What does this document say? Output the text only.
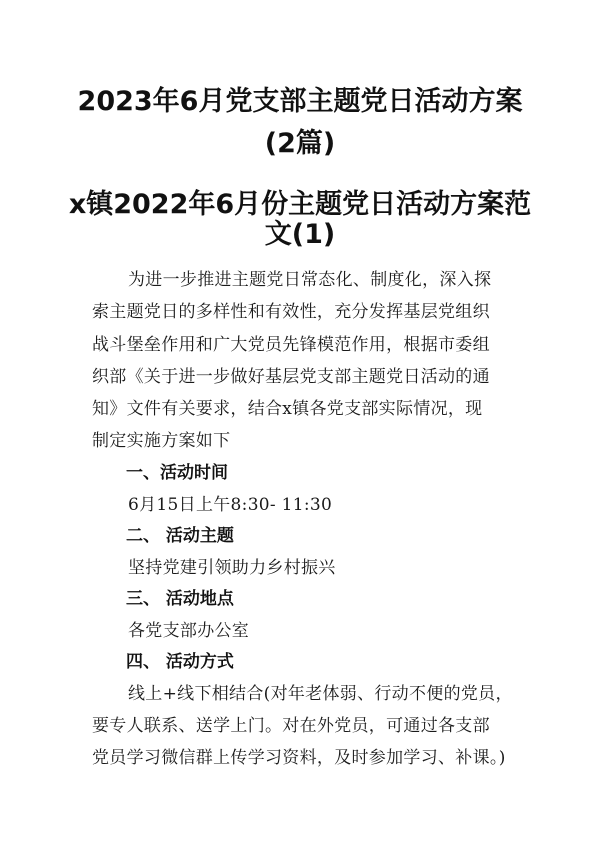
2023年6月党支部主题党日活动方案
(2篇)
x镇2022年6月份主题党日活动方案范
文(1)
为进一步推进主题党日常态化、制度化，深入探
索主题党日的多样性和有效性，充分发挥基层党组织
战斗堡垒作用和广大党员先锋模范作用，根据市委组
织部《关于进一步做好基层党支部主题党日活动的通
知》文件有关要求，结合x镇各党支部实际情况，现
制定实施方案如下
一、活动时间
6月15日上午8:30- 11:30
二、 活动主题
坚持党建引领助力乡村振兴
三、 活动地点
各党支部办公室
四、 活动方式
线上+线下相结合(对年老体弱、行动不便的党员，
要专人联系、送学上门。对在外党员，可通过各支部
党员学习微信群上传学习资料，及时参加学习、补课。)
